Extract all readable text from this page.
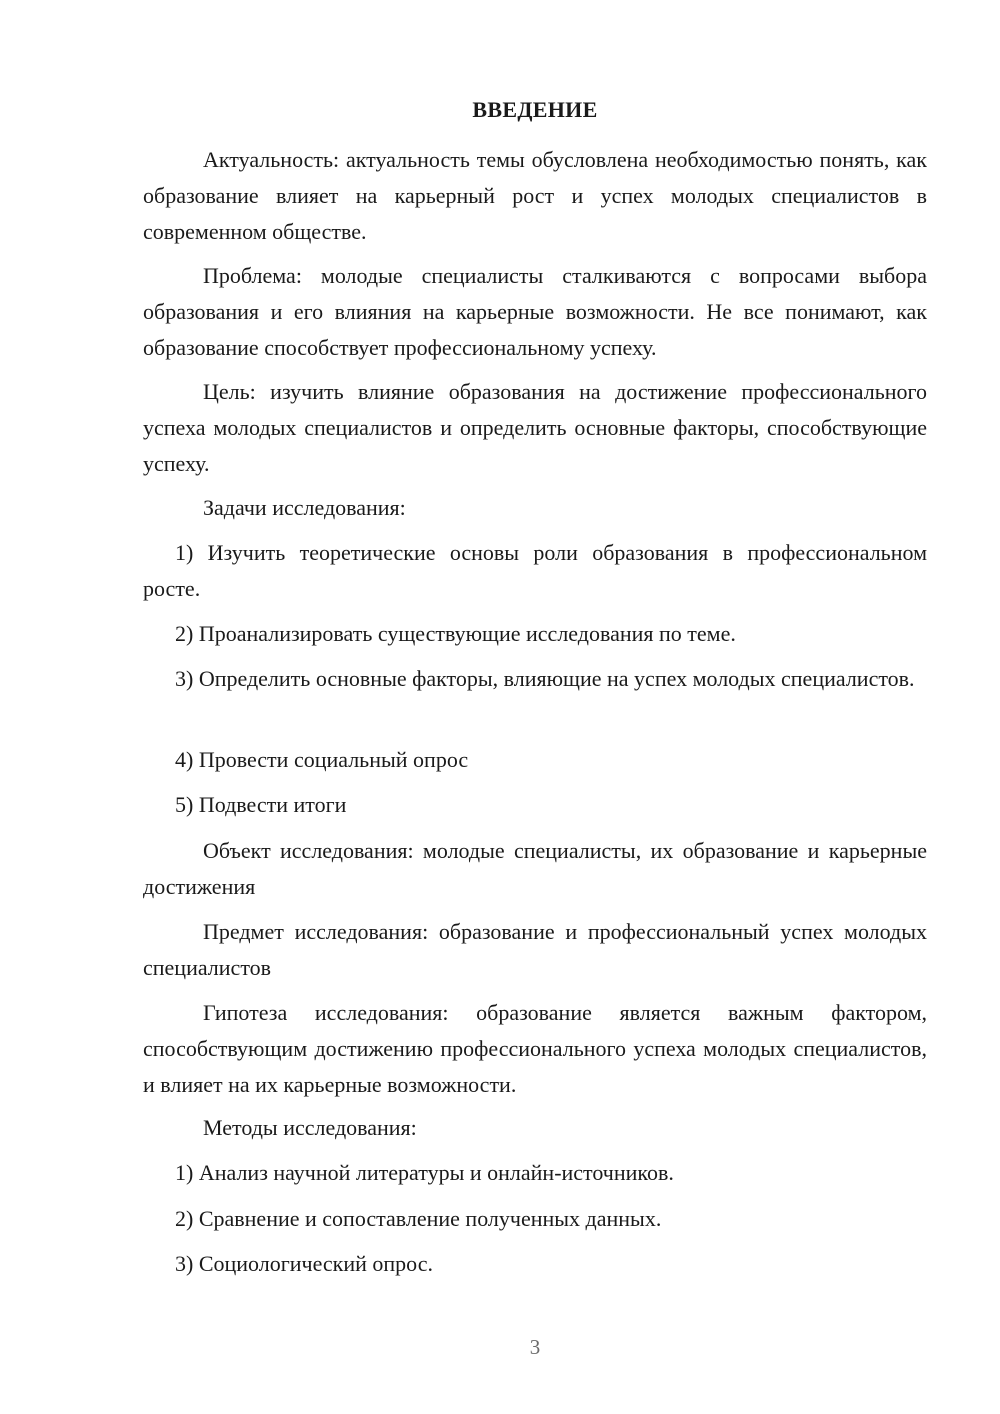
ВВЕДЕНИЕ

Актуальность: актуальность темы обусловлена необходимостью понять, как образование влияет на карьерный рост и успех молодых специалистов в современном обществе.

Проблема: молодые специалисты сталкиваются с вопросами выбора образования и его влияния на карьерные возможности. Не все понимают, как образование способствует профессиональному успеху.

Цель: изучить влияние образования на достижение профессионального успеха молодых специалистов и определить основные факторы, способствующие успеху.

Задачи исследования:

1) Изучить теоретические основы роли образования в профессиональном росте.

2) Проанализировать существующие исследования по теме.

3) Определить основные факторы, влияющие на успех молодых специалистов.

4) Провести социальный опрос

5) Подвести итоги

Объект исследования: молодые специалисты, их образование и карьерные достижения

Предмет исследования: образование и профессиональный успех молодых специалистов

Гипотеза исследования: образование является важным фактором, способствующим достижению профессионального успеха молодых специалистов, и влияет на их карьерные возможности.

Методы исследования:

1) Анализ научной литературы и онлайн-источников.

2) Сравнение и сопоставление полученных данных.

3) Социологический опрос.

3
